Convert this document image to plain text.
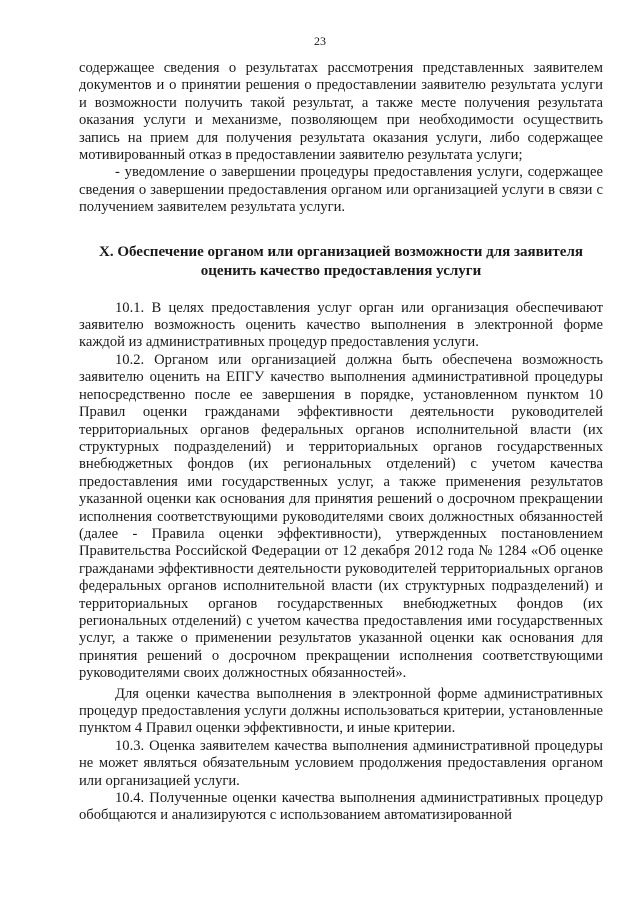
23

содержащее сведения о результатах рассмотрения представленных заявителем документов и о принятии решения о предоставлении заявителю результата услуги и возможности получить такой результат, а также месте получения результата оказания услуги и механизме, позволяющем при необходимости осуществить запись на прием для получения результата оказания услуги, либо содержащее мотивированный отказ в предоставлении заявителю результата услуги;

- уведомление о завершении процедуры предоставления услуги, содержащее сведения о завершении предоставления органом или организацией услуги в связи с получением заявителем результата услуги.

X. Обеспечение органом или организацией возможности для заявителя
оценить качество предоставления услуги

10.1. В целях предоставления услуг орган или организация обеспечивают заявителю возможность оценить качество выполнения в электронной форме каждой из административных процедур предоставления услуги.

10.2. Органом или организацией должна быть обеспечена возможность заявителю оценить на ЕПГУ качество выполнения административной процедуры непосредственно после ее завершения в порядке, установленном пунктом 10 Правил оценки гражданами эффективности деятельности руководителей территориальных органов федеральных органов исполнительной власти (их структурных подразделений) и территориальных органов государственных внебюджетных фондов (их региональных отделений) с учетом качества предоставления ими государственных услуг, а также применения результатов указанной оценки как основания для принятия решений о досрочном прекращении исполнения соответствующими руководителями своих должностных обязанностей (далее - Правила оценки эффективности), утвержденных постановлением Правительства Российской Федерации от 12 декабря 2012 года № 1284 «Об оценке гражданами эффективности деятельности руководителей территориальных органов федеральных органов исполнительной власти (их структурных подразделений) и территориальных органов государственных внебюджетных фондов (их региональных отделений) с учетом качества предоставления ими государственных услуг, а также о применении результатов указанной оценки как основания для принятия решений о досрочном прекращении исполнения соответствующими руководителями своих должностных обязанностей».

Для оценки качества выполнения в электронной форме административных процедур предоставления услуги должны использоваться критерии, установленные пунктом 4 Правил оценки эффективности, и иные критерии.

10.3. Оценка заявителем качества выполнения административной процедуры не может являться обязательным условием продолжения предоставления органом или организацией услуги.

10.4. Полученные оценки качества выполнения административных процедур обобщаются и анализируются с использованием автоматизированной
